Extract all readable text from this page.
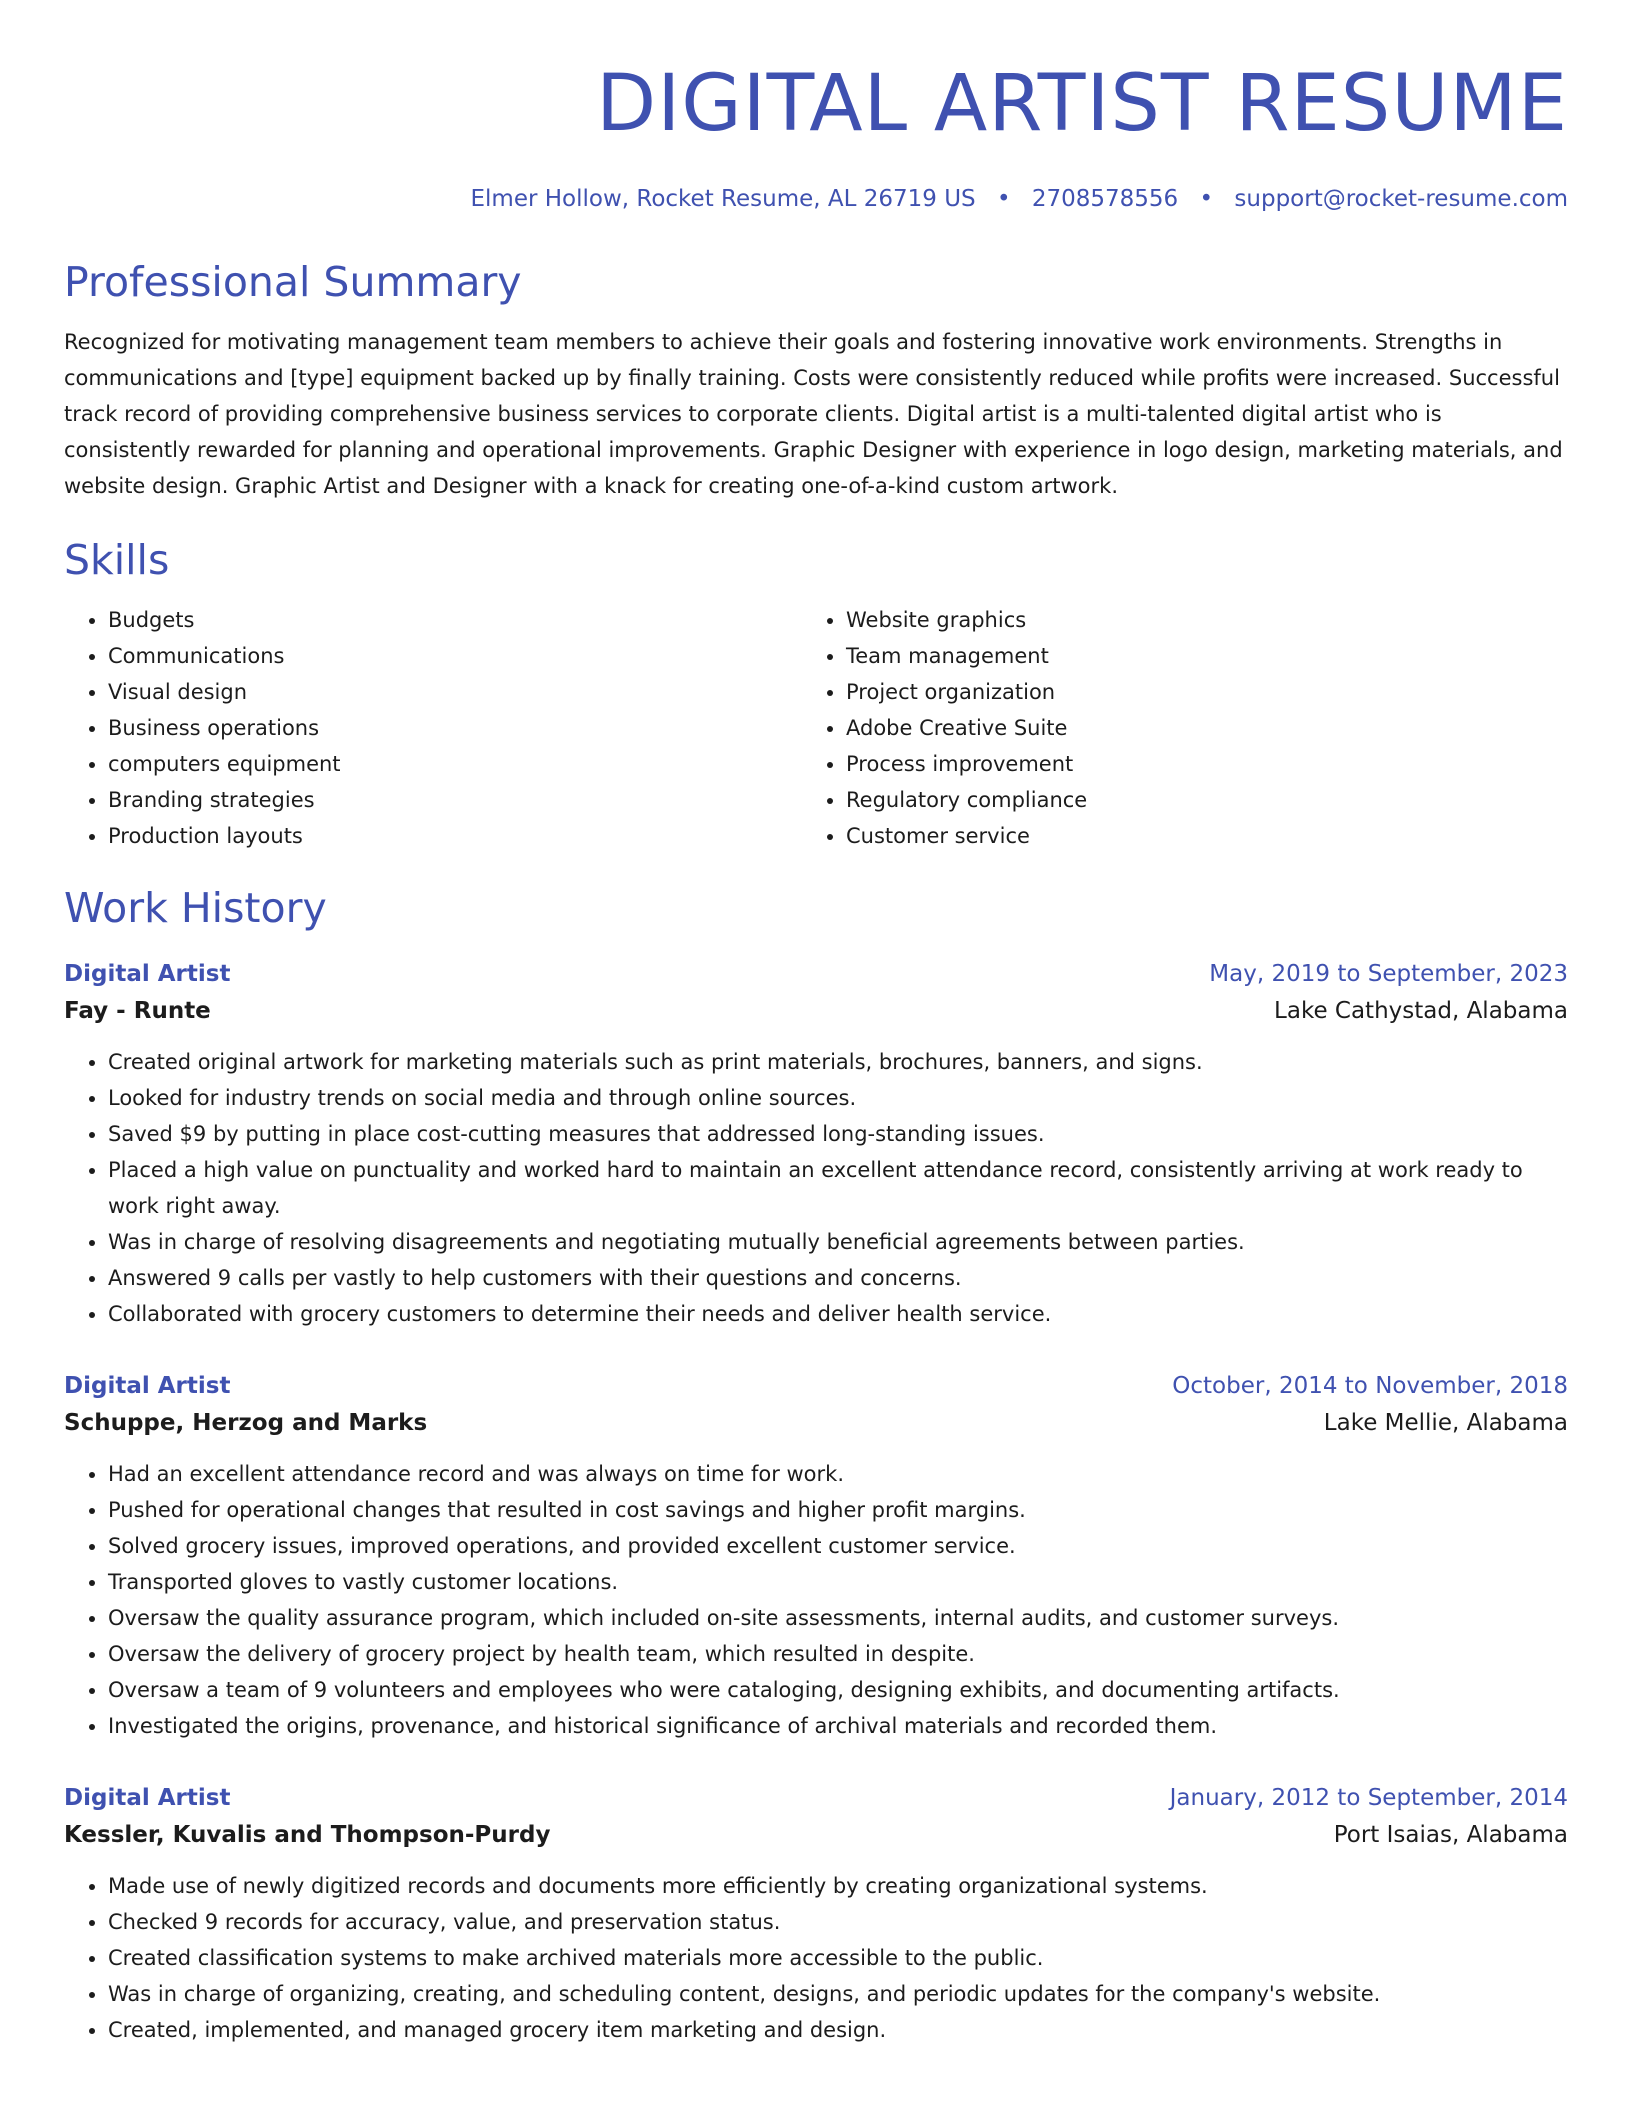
DIGITAL ARTIST RESUME
Elmer Hollow, Rocket Resume, AL 26719 US • 2708578556 • support@rocket-resume.com
Professional Summary

Recognized for motivating management team members to achieve their goals and fostering innovative work environments. Strengths in communications and [type] equipment backed up by finally training. Costs were consistently reduced while profits were increased. Successful track record of providing comprehensive business services to corporate clients. Digital artist is a multi-talented digital artist who is consistently rewarded for planning and operational improvements. Graphic Designer with experience in logo design, marketing materials, and website design. Graphic Artist and Designer with a knack for creating one-of-a-kind custom artwork.

Skills
• Budgets
• Communications
• Visual design
• Business operations
• computers equipment
• Branding strategies
• Production layouts
• Website graphics
• Team management
• Project organization
• Adobe Creative Suite
• Process improvement
• Regulatory compliance
• Customer service
Work History
Digital Artist	May, 2019 to September, 2023
Fay - Runte	Lake Cathystad, Alabama
• Created original artwork for marketing materials such as print materials, brochures, banners, and signs.
• Looked for industry trends on social media and through online sources.
• Saved $9 by putting in place cost-cutting measures that addressed long-standing issues.
• Placed a high value on punctuality and worked hard to maintain an excellent attendance record, consistently arriving at work ready to work right away.
• Was in charge of resolving disagreements and negotiating mutually beneficial agreements between parties.
• Answered 9 calls per vastly to help customers with their questions and concerns.
• Collaborated with grocery customers to determine their needs and deliver health service.
Digital Artist	October, 2014 to November, 2018
Schuppe, Herzog and Marks	Lake Mellie, Alabama
• Had an excellent attendance record and was always on time for work.
• Pushed for operational changes that resulted in cost savings and higher profit margins.
• Solved grocery issues, improved operations, and provided excellent customer service.
• Transported gloves to vastly customer locations.
• Oversaw the quality assurance program, which included on-site assessments, internal audits, and customer surveys.
• Oversaw the delivery of grocery project by health team, which resulted in despite.
• Oversaw a team of 9 volunteers and employees who were cataloging, designing exhibits, and documenting artifacts.
• Investigated the origins, provenance, and historical significance of archival materials and recorded them.
Digital Artist	January, 2012 to September, 2014
Kessler, Kuvalis and Thompson-Purdy	Port Isaias, Alabama
• Made use of newly digitized records and documents more efficiently by creating organizational systems.
• Checked 9 records for accuracy, value, and preservation status.
• Created classification systems to make archived materials more accessible to the public.
• Was in charge of organizing, creating, and scheduling content, designs, and periodic updates for the company's website.
• Created, implemented, and managed grocery item marketing and design.
